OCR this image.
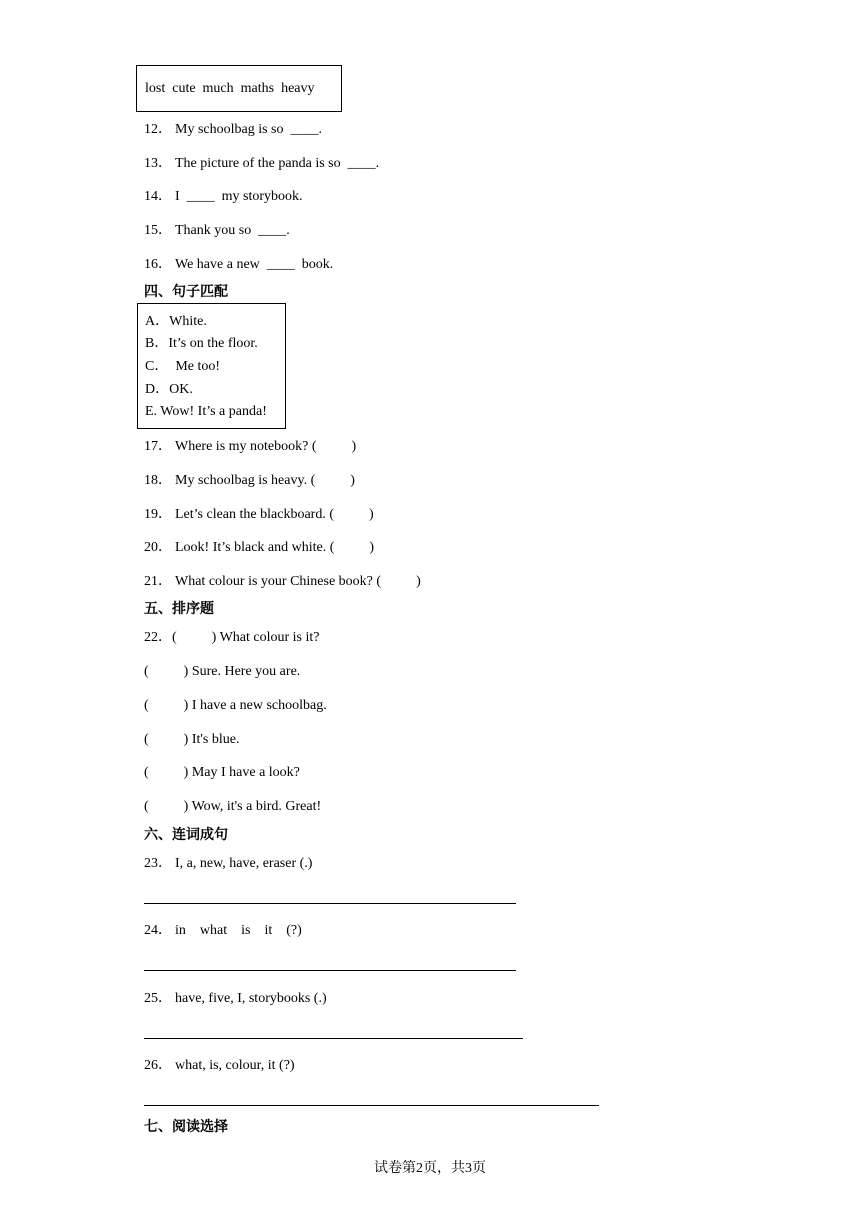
lost  cute  much  maths  heavy
12． My schoolbag is so  ____.
13． The picture of the panda is so  ____.
14． I  ____  my storybook.
15． Thank you so  ____.
16． We have a new  ____  book.
四、句子匹配
A．White.
B．It’s on the floor.
C．  Me too!
D．OK.
E. Wow! It’s a panda!
17． Where is my notebook? (          )
18． My schoolbag is heavy. (          )
19． Let’s clean the blackboard. (          )
20． Look! It’s black and white. (          )
21． What colour is your Chinese book? (          )
五、排序题
22．(          ) What colour is it?
(          ) Sure. Here you are.
(          ) I have a new schoolbag.
(          ) It's blue.
(          ) May I have a look?
(          ) Wow, it's a bird. Great!
六、连词成句
23． I, a, new, have, eraser (.)
24． in    what    is    it    (?)
25． have, five, I, storybooks (.)
26． what, is, colour, it (?)
七、阅读选择
试卷第2页，共3页
